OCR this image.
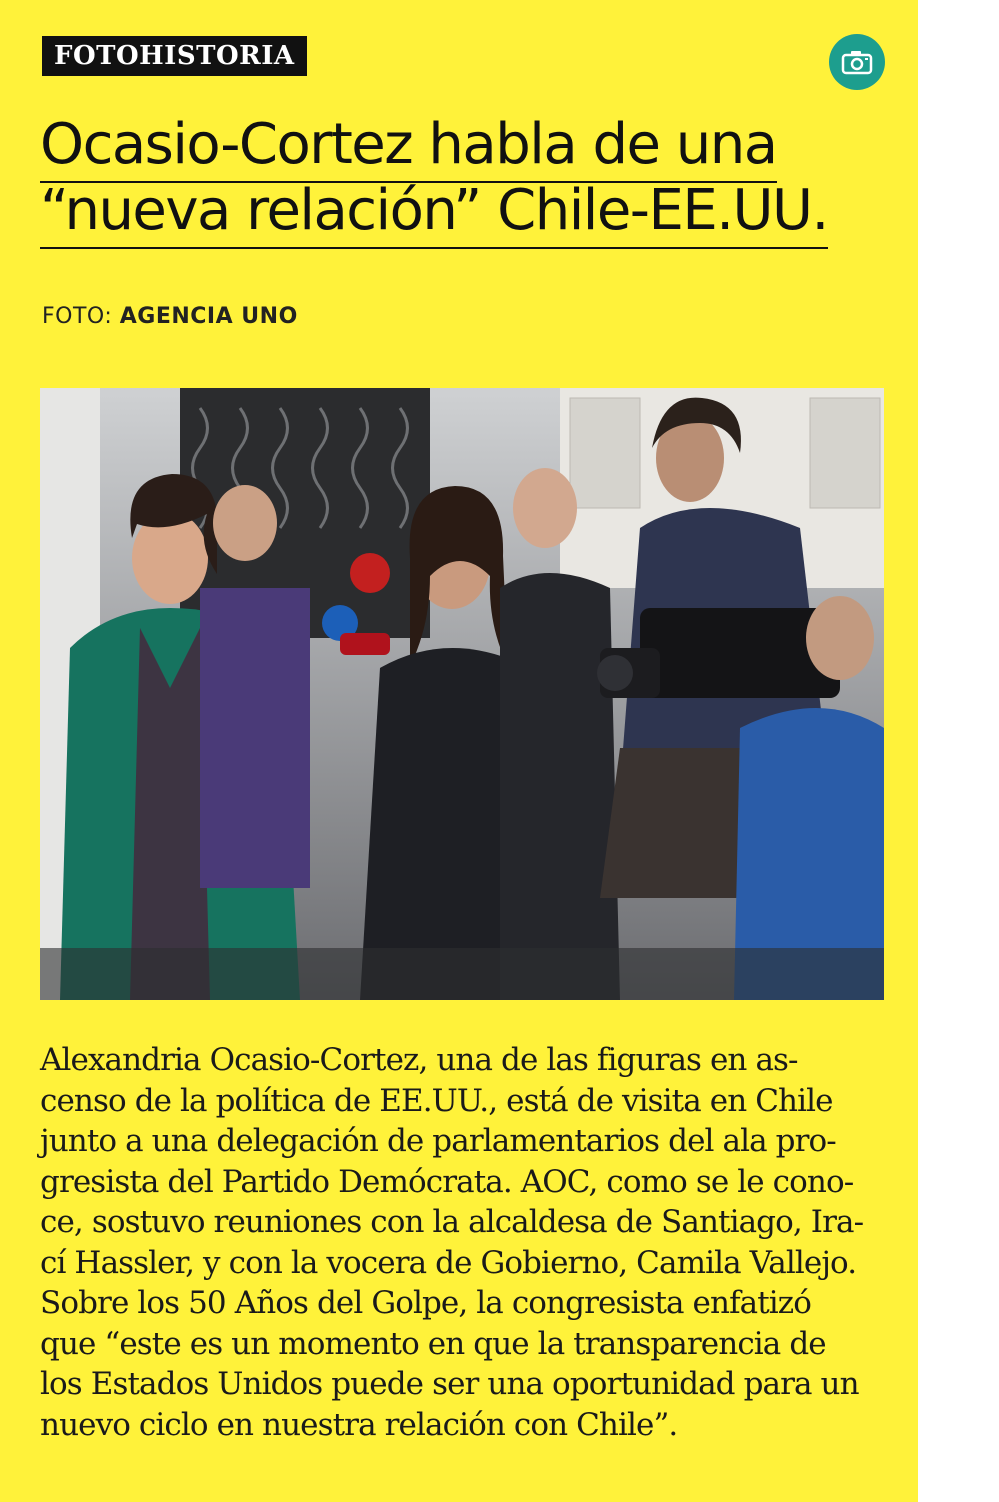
FOTOHISTORIA
Ocasio-Cortez habla de una
“nueva relación” Chile-EE.UU.
FOTO: AGENCIA UNO

Alexandria Ocasio-Cortez, una de las figuras en as-
censo de la política de EE.UU., está de visita en Chile
junto a una delegación de parlamentarios del ala pro-
gresista del Partido Demócrata. AOC, como se le cono-
ce, sostuvo reuniones con la alcaldesa de Santiago, Ira-
cí Hassler, y con la vocera de Gobierno, Camila Vallejo.
Sobre los 50 Años del Golpe, la congresista enfatizó
que “este es un momento en que la transparencia de
los Estados Unidos puede ser una oportunidad para un
nuevo ciclo en nuestra relación con Chile”.
